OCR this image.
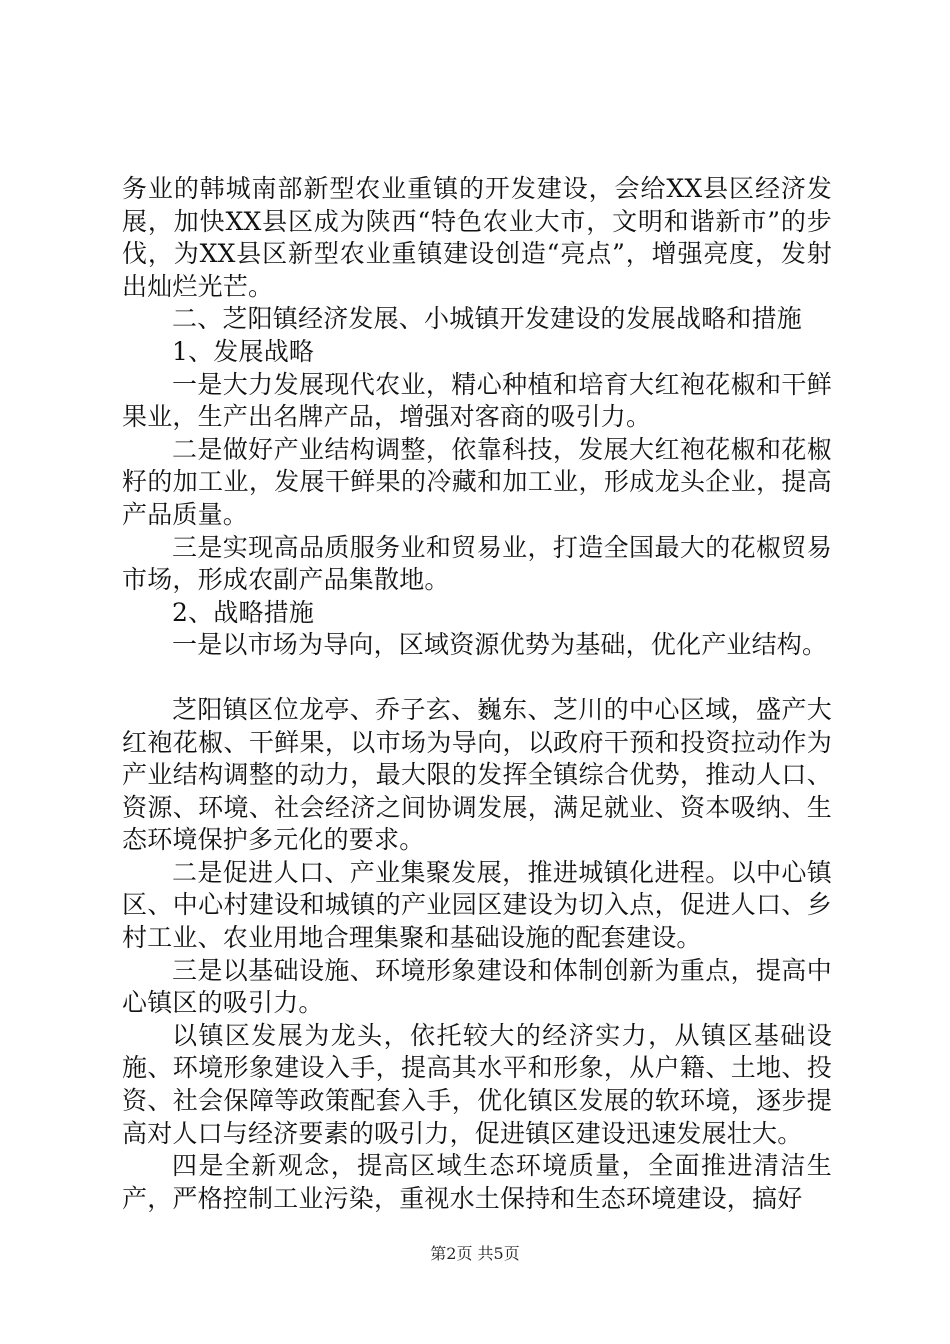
务业的韩城南部新型农业重镇的开发建设，会给XX县区经济发展，加快XX县区成为陕西“特色农业大市，文明和谐新市”的步伐，为XX县区新型农业重镇建设创造“亮点”，增强亮度，发射出灿烂光芒。

二、芝阳镇经济发展、小城镇开发建设的发展战略和措施

1、发展战略

一是大力发展现代农业，精心种植和培育大红袍花椒和干鲜果业，生产出名牌产品，增强对客商的吸引力。

二是做好产业结构调整，依靠科技，发展大红袍花椒和花椒籽的加工业，发展干鲜果的冷藏和加工业，形成龙头企业，提高产品质量。

三是实现高品质服务业和贸易业，打造全国最大的花椒贸易市场，形成农副产品集散地。

2、战略措施

一是以市场为导向，区域资源优势为基础，优化产业结构。

芝阳镇区位龙亭、乔子玄、巍东、芝川的中心区域，盛产大红袍花椒、干鲜果，以市场为导向，以政府干预和投资拉动作为产业结构调整的动力，最大限的发挥全镇综合优势，推动人口、资源、环境、社会经济之间协调发展，满足就业、资本吸纳、生态环境保护多元化的要求。

二是促进人口、产业集聚发展，推进城镇化进程。以中心镇区、中心村建设和城镇的产业园区建设为切入点，促进人口、乡村工业、农业用地合理集聚和基础设施的配套建设。

三是以基础设施、环境形象建设和体制创新为重点，提高中心镇区的吸引力。

以镇区发展为龙头，依托较大的经济实力，从镇区基础设施、环境形象建设入手，提高其水平和形象，从户籍、土地、投资、社会保障等政策配套入手，优化镇区发展的软环境，逐步提高对人口与经济要素的吸引力，促进镇区建设迅速发展壮大。

四是全新观念，提高区域生态环境质量，全面推进清洁生产，严格控制工业污染，重视水土保持和生态环境建设，搞好

第2页 共5页
